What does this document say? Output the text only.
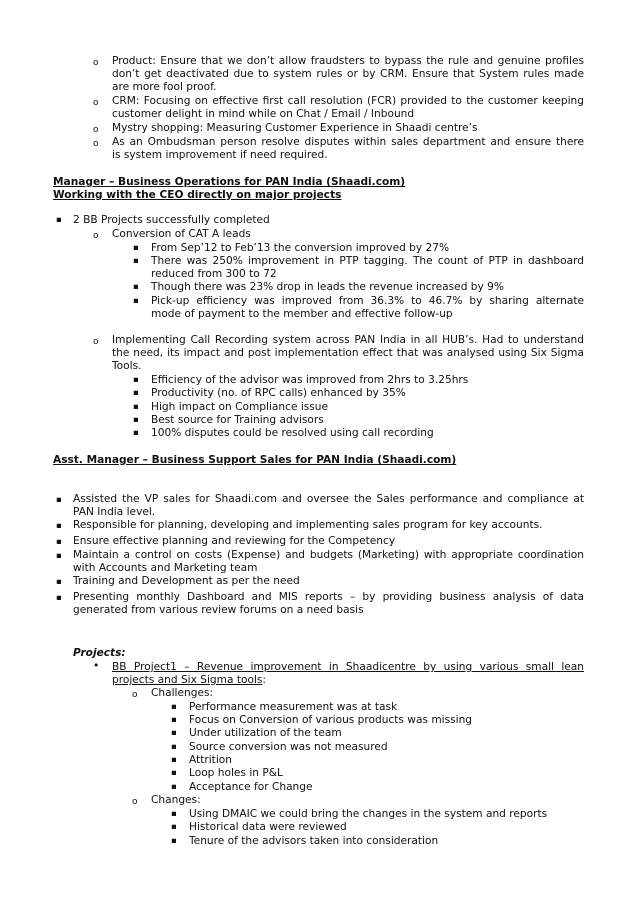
o Product: Ensure that we don’t allow fraudsters to bypass the rule and genuine profiles
don’t get deactivated due to system rules or by CRM. Ensure that System rules made
are more fool proof.
o CRM: Focusing on effective first call resolution (FCR) provided to the customer keeping
customer delight in mind while on Chat / Email / Inbound
o Mystry shopping: Measuring Customer Experience in Shaadi centre’s
o As an Ombudsman person resolve disputes within sales department and ensure there
is system improvement if need required.
Manager – Business Operations for PAN India (Shaadi.com)
Working with the CEO directly on major projects
▪ 2 BB Projects successfully completed
o Conversion of CAT A leads
▪ From Sep’12 to Feb’13 the conversion improved by 27%
▪ There was 250% improvement in PTP tagging. The count of PTP in dashboard
reduced from 300 to 72
▪ Though there was 23% drop in leads the revenue increased by 9%
▪ Pick-up efficiency was improved from 36.3% to 46.7% by sharing alternate
mode of payment to the member and effective follow-up
o Implementing Call Recording system across PAN India in all HUB’s. Had to understand
the need, its impact and post implementation effect that was analysed using Six Sigma
Tools.
▪ Efficiency of the advisor was improved from 2hrs to 3.25hrs
▪ Productivity (no. of RPC calls) enhanced by 35%
▪ High impact on Compliance issue
▪ Best source for Training advisors
▪ 100% disputes could be resolved using call recording
Asst. Manager – Business Support Sales for PAN India (Shaadi.com)
▪ Assisted the VP sales for Shaadi.com and oversee the Sales performance and compliance at
PAN India level.
▪ Responsible for planning, developing and implementing sales program for key accounts.
▪ Ensure effective planning and reviewing for the Competency
▪ Maintain a control on costs (Expense) and budgets (Marketing) with appropriate coordination
with Accounts and Marketing team
▪ Training and Development as per the need
▪ Presenting monthly Dashboard and MIS reports – by providing business analysis of data
generated from various review forums on a need basis
Projects:
• BB Project1 – Revenue improvement in Shaadicentre by using various small lean
projects and Six Sigma tools:
o Challenges:
▪ Performance measurement was at task
▪ Focus on Conversion of various products was missing
▪ Under utilization of the team
▪ Source conversion was not measured
▪ Attrition
▪ Loop holes in P&L
▪ Acceptance for Change
o Changes:
▪ Using DMAIC we could bring the changes in the system and reports
▪ Historical data were reviewed
▪ Tenure of the advisors taken into consideration
